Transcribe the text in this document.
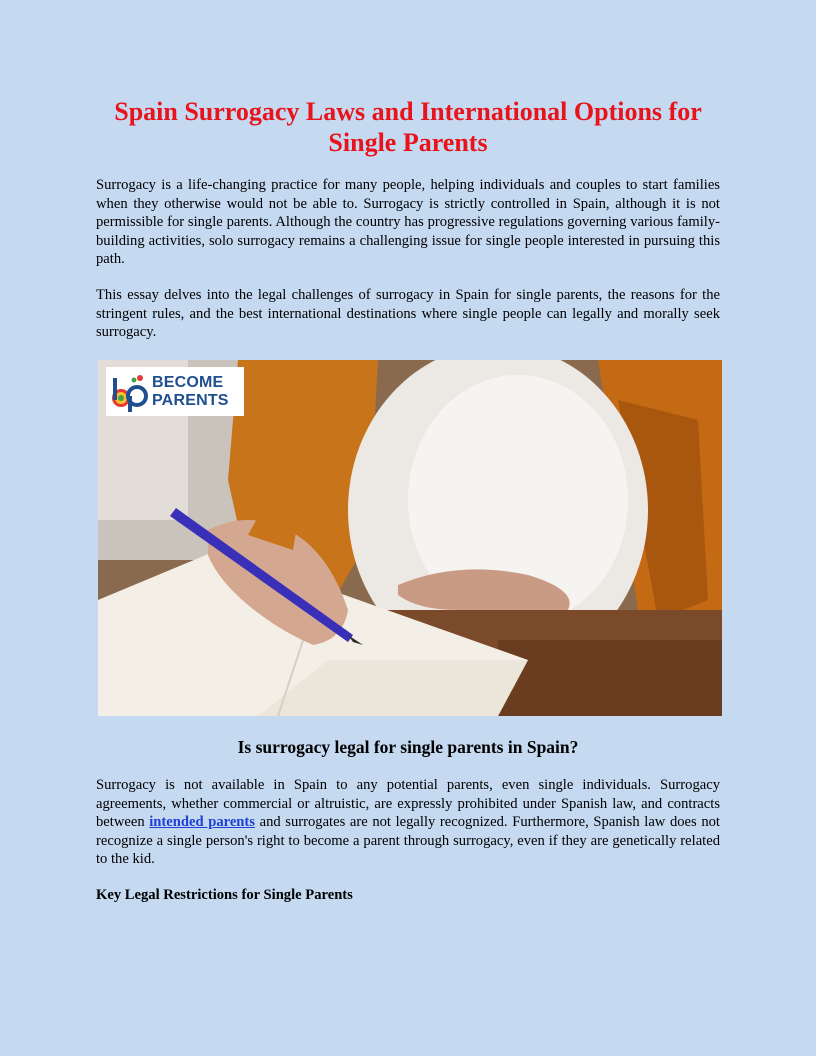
Spain Surrogacy Laws and International Options for Single Parents

Surrogacy is a life-changing practice for many people, helping individuals and couples to start families when they otherwise would not be able to. Surrogacy is strictly controlled in Spain, although it is not permissible for single parents. Although the country has progressive regulations governing various family-building activities, solo surrogacy remains a challenging issue for single people interested in pursuing this path.

This essay delves into the legal challenges of surrogacy in Spain for single parents, the reasons for the stringent rules, and the best international destinations where single people can legally and morally seek surrogacy.

BECOME
PARENTS
Is surrogacy legal for single parents in Spain?

Surrogacy is not available in Spain to any potential parents, even single individuals. Surrogacy agreements, whether commercial or altruistic, are expressly prohibited under Spanish law, and contracts between intended parents and surrogates are not legally recognized. Furthermore, Spanish law does not recognize a single person's right to become a parent through surrogacy, even if they are genetically related to the kid.

Key Legal Restrictions for Single Parents
